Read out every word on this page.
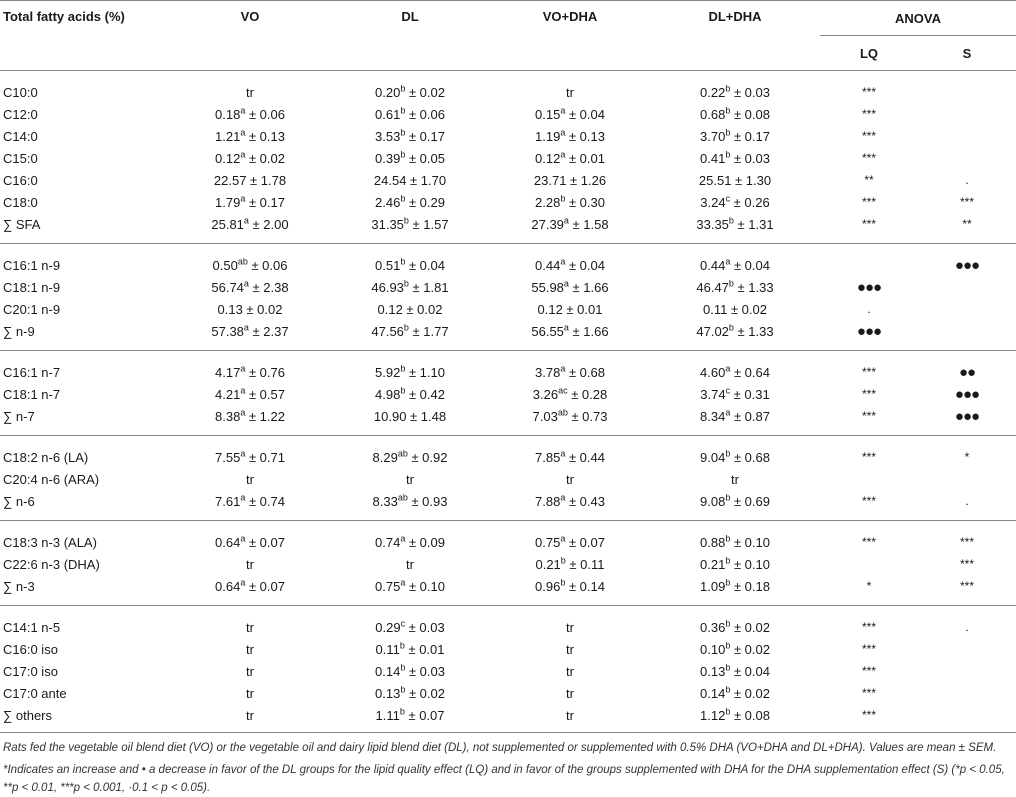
Total fatty acids (%)	VO	DL	VO+DHA	DL+DHA	ANOVA	
					LQ	S
C10:0	tr	0.20$^b$ ± 0.02	tr	0.22$^b$ ± 0.03	***	
C12:0	0.18$^a$ ± 0.06	0.61$^b$ ± 0.06	0.15$^a$ ± 0.04	0.68$^b$ ± 0.08	***	
C14:0	1.21$^a$ ± 0.13	3.53$^b$ ± 0.17	1.19$^a$ ± 0.13	3.70$^b$ ± 0.17	***	
C15:0	0.12$^a$ ± 0.02	0.39$^b$ ± 0.05	0.12$^a$ ± 0.01	0.41$^b$ ± 0.03	***	
C16:0	22.57 ± 1.78	24.54 ± 1.70	23.71 ± 1.26	25.51 ± 1.30	**	.
C18:0	1.79$^a$ ± 0.17	2.46$^b$ ± 0.29	2.28$^b$ ± 0.30	3.24$^c$ ± 0.26	***	***
∑ SFA	25.81$^a$ ± 2.00	31.35$^b$ ± 1.57	27.39$^a$ ± 1.58	33.35$^b$ ± 1.31	***	**
C16:1 n-9	0.50$^{ab}$ ± 0.06	0.51$^b$ ± 0.04	0.44$^a$ ± 0.04	0.44$^a$ ± 0.04		●●●
C18:1 n-9	56.74$^a$ ± 2.38	46.93$^b$ ± 1.81	55.98$^a$ ± 1.66	46.47$^b$ ± 1.33	●●●	
C20:1 n-9	0.13 ± 0.02	0.12 ± 0.02	0.12 ± 0.01	0.11 ± 0.02	.	
∑ n-9	57.38$^a$ ± 2.37	47.56$^b$ ± 1.77	56.55$^a$ ± 1.66	47.02$^b$ ± 1.33	●●●	
C16:1 n-7	4.17$^a$ ± 0.76	5.92$^b$ ± 1.10	3.78$^a$ ± 0.68	4.60$^a$ ± 0.64	***	●●
C18:1 n-7	4.21$^a$ ± 0.57	4.98$^b$ ± 0.42	3.26$^{ac}$ ± 0.28	3.74$^c$ ± 0.31	***	●●●
∑ n-7	8.38$^a$ ± 1.22	10.90 ± 1.48	7.03$^{ab}$ ± 0.73	8.34$^a$ ± 0.87	***	●●●
C18:2 n-6 (LA)	7.55$^a$ ± 0.71	8.29$^{ab}$ ± 0.92	7.85$^a$ ± 0.44	9.04$^b$ ± 0.68	***	*
C20:4 n-6 (ARA)	tr	tr	tr	tr		
∑ n-6	7.61$^a$ ± 0.74	8.33$^{ab}$ ± 0.93	7.88$^a$ ± 0.43	9.08$^b$ ± 0.69	***	.
C18:3 n-3 (ALA)	0.64$^a$ ± 0.07	0.74$^a$ ± 0.09	0.75$^a$ ± 0.07	0.88$^b$ ± 0.10	***	***
C22:6 n-3 (DHA)	tr	tr	0.21$^b$ ± 0.11	0.21$^b$ ± 0.10		***
∑ n-3	0.64$^a$ ± 0.07	0.75$^a$ ± 0.10	0.96$^b$ ± 0.14	1.09$^b$ ± 0.18	*	***
C14:1 n-5	tr	0.29$^c$ ± 0.03	tr	0.36$^b$ ± 0.02	***	.
C16:0 iso	tr	0.11$^b$ ± 0.01	tr	0.10$^b$ ± 0.02	***	
C17:0 iso	tr	0.14$^b$ ± 0.03	tr	0.13$^b$ ± 0.04	***	
C17:0 ante	tr	0.13$^b$ ± 0.02	tr	0.14$^b$ ± 0.02	***	
∑ others	tr	1.11$^b$ ± 0.07	tr	1.12$^b$ ± 0.08	***	

Rats fed the vegetable oil blend diet (VO) or the vegetable oil and dairy lipid blend diet (DL), not supplemented or supplemented with 0.5% DHA (VO+DHA and DL+DHA). Values are mean ± SEM.

*Indicates an increase and • a decrease in favor of the DL groups for the lipid quality effect (LQ) and in favor of the groups supplemented with DHA for the DHA supplementation effect (S) (*p < 0.05, **p < 0.01, ***p < 0.001, ·0.1 < p < 0.05).
